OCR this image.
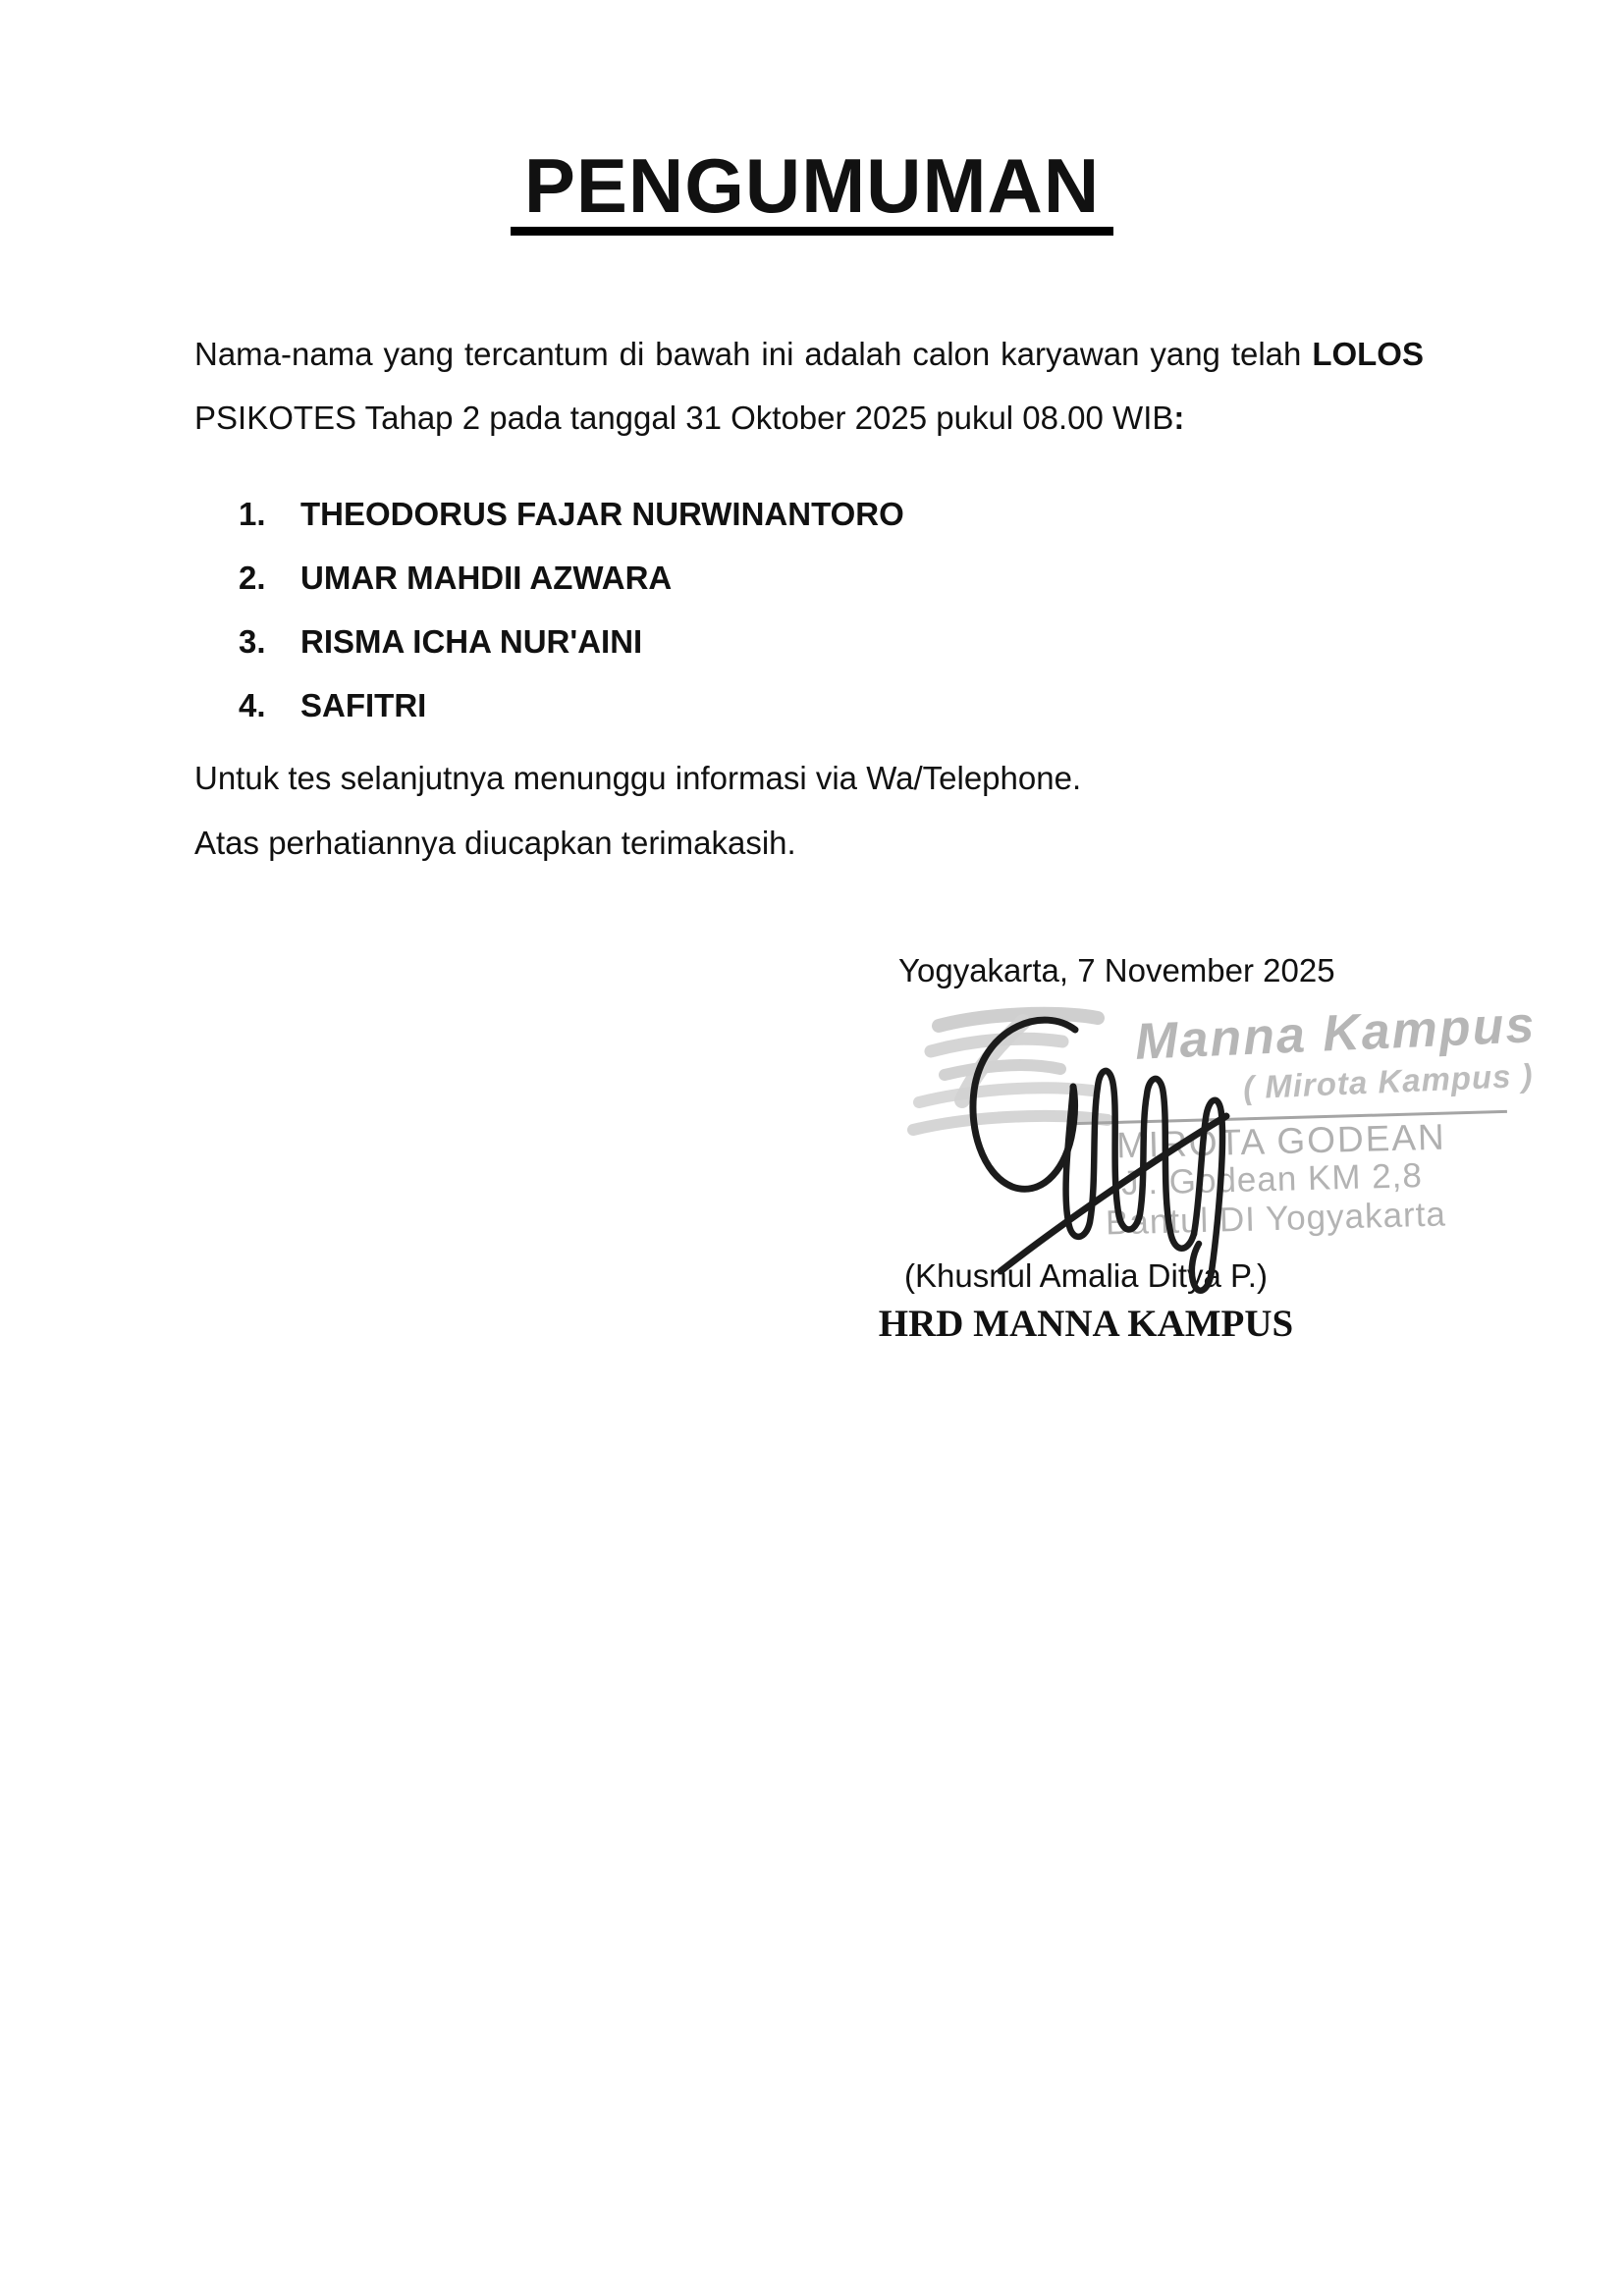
PENGUMUMAN

Nama-nama yang tercantum di bawah ini adalah calon karyawan yang telah LOLOS PSIKOTES Tahap 2 pada tanggal 31 Oktober 2025 pukul 08.00 WIB:

1.	THEODORUS FAJAR NURWINANTORO
2.	UMAR MAHDII AZWARA
3.	RISMA ICHA NUR'AINI
4.	SAFITRI
Untuk tes selanjutnya menunggu informasi via Wa/Telephone.
Atas perhatiannya diucapkan terimakasih.
Yogyakarta, 7 November 2025
Manna Kampus
( Mirota Kampus )
MIROTA GODEAN
Jl. Godean KM 2,8
Bantul DI Yogyakarta
(Khusnul Amalia Ditya P.)
HRD MANNA KAMPUS
